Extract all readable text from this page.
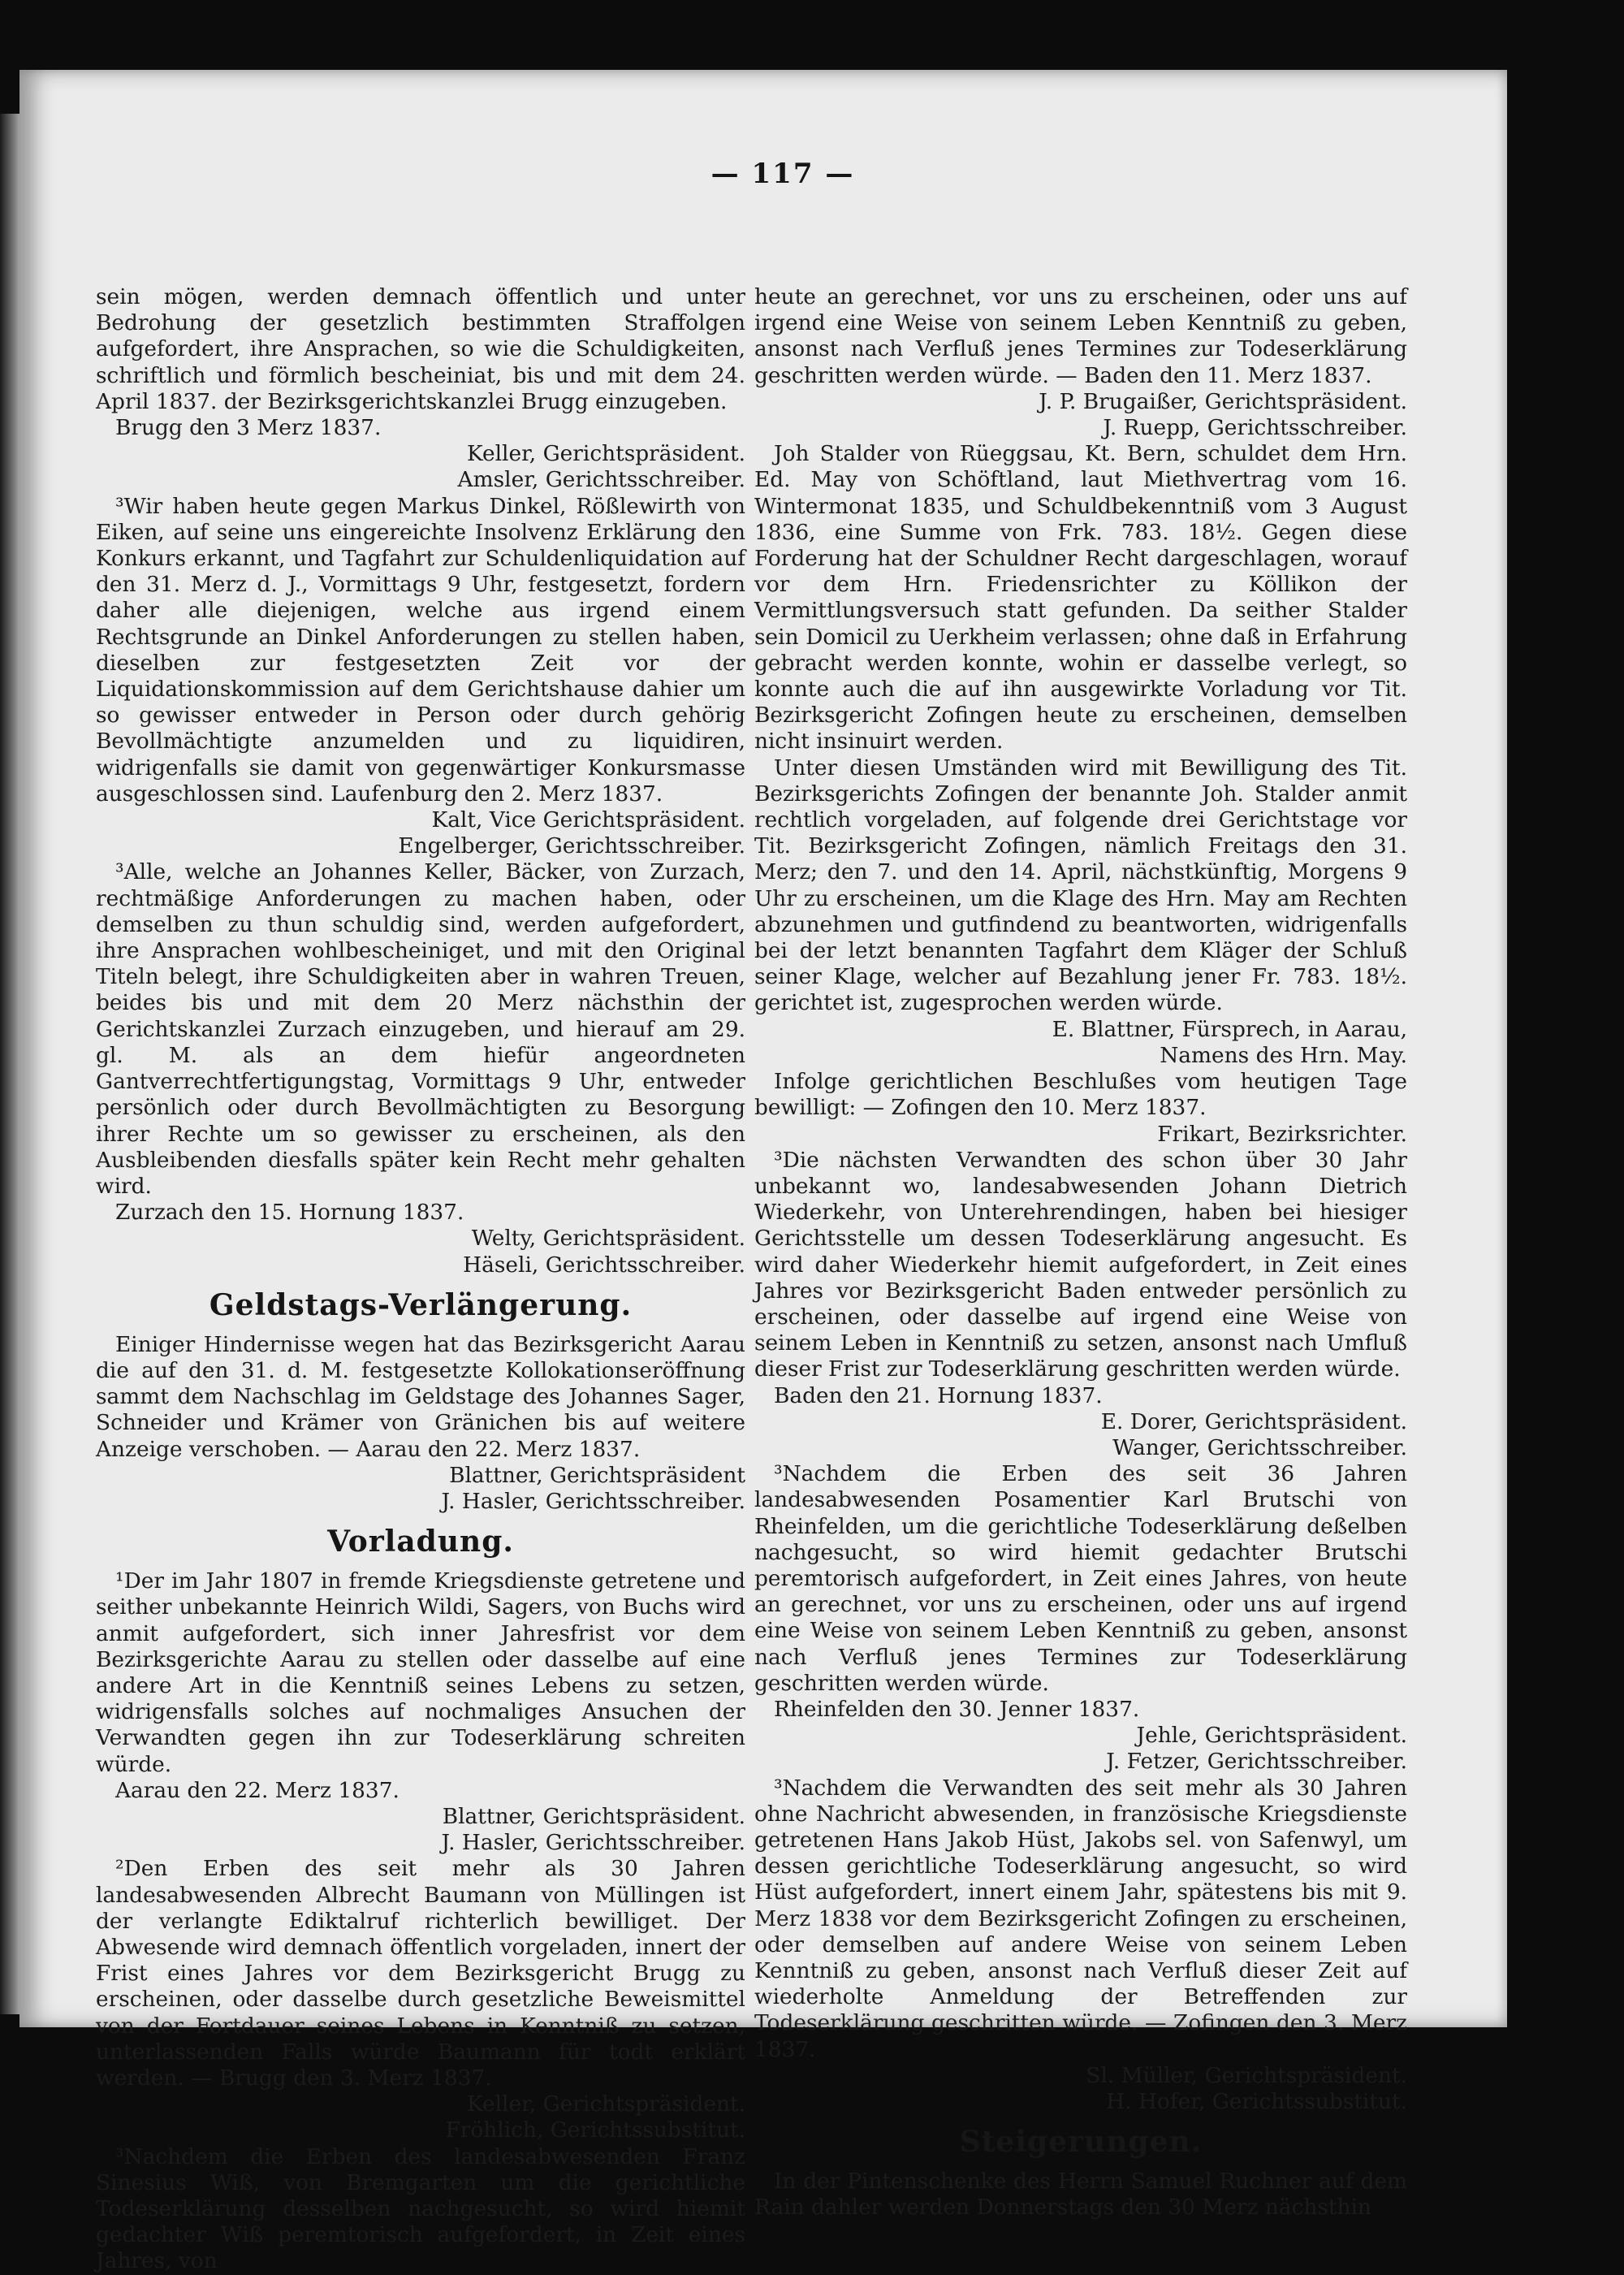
— 117 —

sein mögen, werden demnach öffentlich und unter Bedrohung der gesetzlich bestimmten Straffolgen aufgefordert, ihre Ansprachen, so wie die Schuldigkeiten, schriftlich und förmlich bescheiniat, bis und mit dem 24. April 1837. der Bezirksgerichtskanzlei Brugg einzugeben.

Brugg den 3 Merz 1837.

Keller, Gerichtspräsident.

Amsler, Gerichtsschreiber.

³Wir haben heute gegen Markus Dinkel, Rößlewirth von Eiken, auf seine uns eingereichte Insolvenz Erklärung den Konkurs erkannt, und Tagfahrt zur Schuldenliquidation auf den 31. Merz d. J., Vormittags 9 Uhr, festgesetzt, fordern daher alle diejenigen, welche aus irgend einem Rechtsgrunde an Dinkel Anforderungen zu stellen haben, dieselben zur festgesetzten Zeit vor der Liquidationskommission auf dem Gerichtshause dahier um so gewisser entweder in Person oder durch gehörig Bevollmächtigte anzumelden und zu liquidiren, widrigenfalls sie damit von gegenwärtiger Konkursmasse ausgeschlossen sind. Laufenburg den 2. Merz 1837.

Kalt, Vice Gerichtspräsident.

Engelberger, Gerichtsschreiber.

³Alle, welche an Johannes Keller, Bäcker, von Zurzach, rechtmäßige Anforderungen zu machen haben, oder demselben zu thun schuldig sind, werden aufgefordert, ihre Ansprachen wohlbescheiniget, und mit den Original Titeln belegt, ihre Schuldigkeiten aber in wahren Treuen, beides bis und mit dem 20 Merz nächsthin der Gerichtskanzlei Zurzach einzugeben, und hierauf am 29. gl. M. als an dem hiefür angeordneten Gantverrechtfertigungstag, Vormittags 9 Uhr, entweder persönlich oder durch Bevollmächtigten zu Besorgung ihrer Rechte um so gewisser zu erscheinen, als den Ausbleibenden diesfalls später kein Recht mehr gehalten wird.

Zurzach den 15. Hornung 1837.

Welty, Gerichtspräsident.

Häseli, Gerichtsschreiber.

Geldstags-Verlängerung.

Einiger Hindernisse wegen hat das Bezirksgericht Aarau die auf den 31. d. M. festgesetzte Kollokationseröffnung sammt dem Nachschlag im Geldstage des Johannes Sager, Schneider und Krämer von Gränichen bis auf weitere Anzeige verschoben. — Aarau den 22. Merz 1837.

Blattner, Gerichtspräsident

J. Hasler, Gerichtsschreiber.

Vorladung.

¹Der im Jahr 1807 in fremde Kriegsdienste getretene und seither unbekannte Heinrich Wildi, Sagers, von Buchs wird anmit aufgefordert, sich inner Jahresfrist vor dem Bezirksgerichte Aarau zu stellen oder dasselbe auf eine andere Art in die Kenntniß seines Lebens zu setzen, widrigensfalls solches auf nochmaliges Ansuchen der Verwandten gegen ihn zur Todeserklärung schreiten würde.

Aarau den 22. Merz 1837.

Blattner, Gerichtspräsident.

J. Hasler, Gerichtsschreiber.

²Den Erben des seit mehr als 30 Jahren landesabwesenden Albrecht Baumann von Müllingen ist der verlangte Ediktalruf richterlich bewilliget. Der Abwesende wird demnach öffentlich vorgeladen, innert der Frist eines Jahres vor dem Bezirksgericht Brugg zu erscheinen, oder dasselbe durch gesetzliche Beweismittel von der Fortdauer seines Lebens in Kenntniß zu setzen, unterlassenden Falls würde Baumann für todt erklärt werden. — Brugg den 3. Merz 1837.

Keller, Gerichtspräsident.

Fröhlich, Gerichtssubstitut.

³Nachdem die Erben des landesabwesenden Franz Sinesius Wiß, von Bremgarten um die gerichtliche Todeserklärung desselben nachgesucht, so wird hiemit gedachter Wiß peremtorisch aufgefordert, in Zeit eines Jahres, von

heute an gerechnet, vor uns zu erscheinen, oder uns auf irgend eine Weise von seinem Leben Kenntniß zu geben, ansonst nach Verfluß jenes Termines zur Todeserklärung geschritten werden würde. — Baden den 11. Merz 1837.

J. P. Brugaißer, Gerichtspräsident.

J. Ruepp, Gerichtsschreiber.

Joh Stalder von Rüeggsau, Kt. Bern, schuldet dem Hrn. Ed. May von Schöftland, laut Miethvertrag vom 16. Wintermonat 1835, und Schuldbekenntniß vom 3 August 1836, eine Summe von Frk. 783. 18½. Gegen diese Forderung hat der Schuldner Recht dargeschlagen, worauf vor dem Hrn. Friedensrichter zu Köllikon der Vermittlungsversuch statt gefunden. Da seither Stalder sein Domicil zu Uerkheim verlassen; ohne daß in Erfahrung gebracht werden konnte, wohin er dasselbe verlegt, so konnte auch die auf ihn ausgewirkte Vorladung vor Tit. Bezirksgericht Zofingen heute zu erscheinen, demselben nicht insinuirt werden.

Unter diesen Umständen wird mit Bewilligung des Tit. Bezirksgerichts Zofingen der benannte Joh. Stalder anmit rechtlich vorgeladen, auf folgende drei Gerichtstage vor Tit. Bezirksgericht Zofingen, nämlich Freitags den 31. Merz; den 7. und den 14. April, nächstkünftig, Morgens 9 Uhr zu erscheinen, um die Klage des Hrn. May am Rechten abzunehmen und gutfindend zu beantworten, widrigenfalls bei der letzt benannten Tagfahrt dem Kläger der Schluß seiner Klage, welcher auf Bezahlung jener Fr. 783. 18½. gerichtet ist, zugesprochen werden würde.

E. Blattner, Fürsprech, in Aarau,

Namens des Hrn. May.

Infolge gerichtlichen Beschlußes vom heutigen Tage bewilligt: — Zofingen den 10. Merz 1837.

Frikart, Bezirksrichter.

³Die nächsten Verwandten des schon über 30 Jahr unbekannt wo, landesabwesenden Johann Dietrich Wiederkehr, von Unterehrendingen, haben bei hiesiger Gerichtsstelle um dessen Todeserklärung angesucht. Es wird daher Wiederkehr hiemit aufgefordert, in Zeit eines Jahres vor Bezirksgericht Baden entweder persönlich zu erscheinen, oder dasselbe auf irgend eine Weise von seinem Leben in Kenntniß zu setzen, ansonst nach Umfluß dieser Frist zur Todeserklärung geschritten werden würde.

Baden den 21. Hornung 1837.

E. Dorer, Gerichtspräsident.

Wanger, Gerichtsschreiber.

³Nachdem die Erben des seit 36 Jahren landesabwesenden Posamentier Karl Brutschi von Rheinfelden, um die gerichtliche Todeserklärung deßelben nachgesucht, so wird hiemit gedachter Brutschi peremtorisch aufgefordert, in Zeit eines Jahres, von heute an gerechnet, vor uns zu erscheinen, oder uns auf irgend eine Weise von seinem Leben Kenntniß zu geben, ansonst nach Verfluß jenes Termines zur Todeserklärung geschritten werden würde.

Rheinfelden den 30. Jenner 1837.

Jehle, Gerichtspräsident.

J. Fetzer, Gerichtsschreiber.

³Nachdem die Verwandten des seit mehr als 30 Jahren ohne Nachricht abwesenden, in französische Kriegsdienste getretenen Hans Jakob Hüst, Jakobs sel. von Safenwyl, um dessen gerichtliche Todeserklärung angesucht, so wird Hüst aufgefordert, innert einem Jahr, spätestens bis mit 9. Merz 1838 vor dem Bezirksgericht Zofingen zu erscheinen, oder demselben auf andere Weise von seinem Leben Kenntniß zu geben, ansonst nach Verfluß dieser Zeit auf wiederholte Anmeldung der Betreffenden zur Todeserklärung geschritten würde. — Zofingen den 3. Merz 1837.

Sl. Müller, Gerichtspräsident.

H. Hofer, Gerichtssubstitut.

Steigerungen.

In der Pintenschenke des Herrn Samuel Ruchner auf dem Rain dahler werden Donnerstags den 30 Merz nächsthin
